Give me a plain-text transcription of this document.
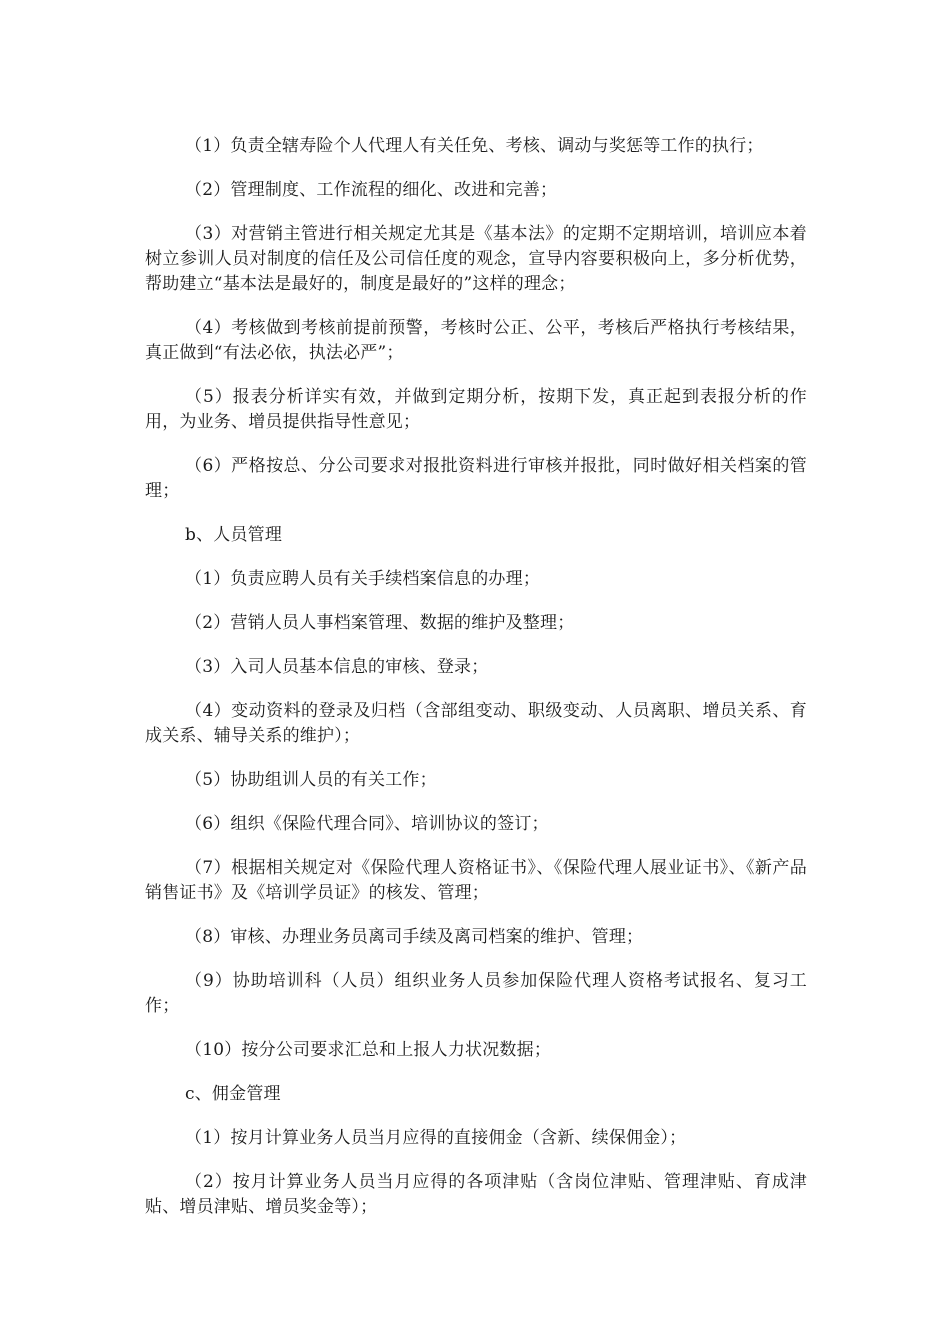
（1）负责全辖寿险个人代理人有关任免、考核、调动与奖惩等工作的执行；

（2）管理制度、工作流程的细化、改进和完善；

（3）对营销主管进行相关规定尤其是《基本法》的定期不定期培训，培训应本着树立参训人员对制度的信任及公司信任度的观念，宣导内容要积极向上，多分析优势，帮助建立“基本法是最好的，制度是最好的”这样的理念；

（4）考核做到考核前提前预警，考核时公正、公平，考核后严格执行考核结果，真正做到“有法必依，执法必严”；

（5）报表分析详实有效，并做到定期分析，按期下发，真正起到表报分析的作用，为业务、增员提供指导性意见；

（6）严格按总、分公司要求对报批资料进行审核并报批，同时做好相关档案的管理；

b、人员管理

（1）负责应聘人员有关手续档案信息的办理；

（2）营销人员人事档案管理、数据的维护及整理；

（3）入司人员基本信息的审核、登录；

（4）变动资料的登录及归档（含部组变动、职级变动、人员离职、增员关系、育成关系、辅导关系的维护）；

（5）协助组训人员的有关工作；

（6）组织《保险代理合同》、培训协议的签订；

（7）根据相关规定对《保险代理人资格证书》、《保险代理人展业证书》、《新产品销售证书》及《培训学员证》的核发、管理；

（8）审核、办理业务员离司手续及离司档案的维护、管理；

（9）协助培训科（人员）组织业务人员参加保险代理人资格考试报名、复习工作；

（10）按分公司要求汇总和上报人力状况数据；

c、佣金管理

（1）按月计算业务人员当月应得的直接佣金（含新、续保佣金）；

（2）按月计算业务人员当月应得的各项津贴（含岗位津贴、管理津贴、育成津贴、增员津贴、增员奖金等）；
